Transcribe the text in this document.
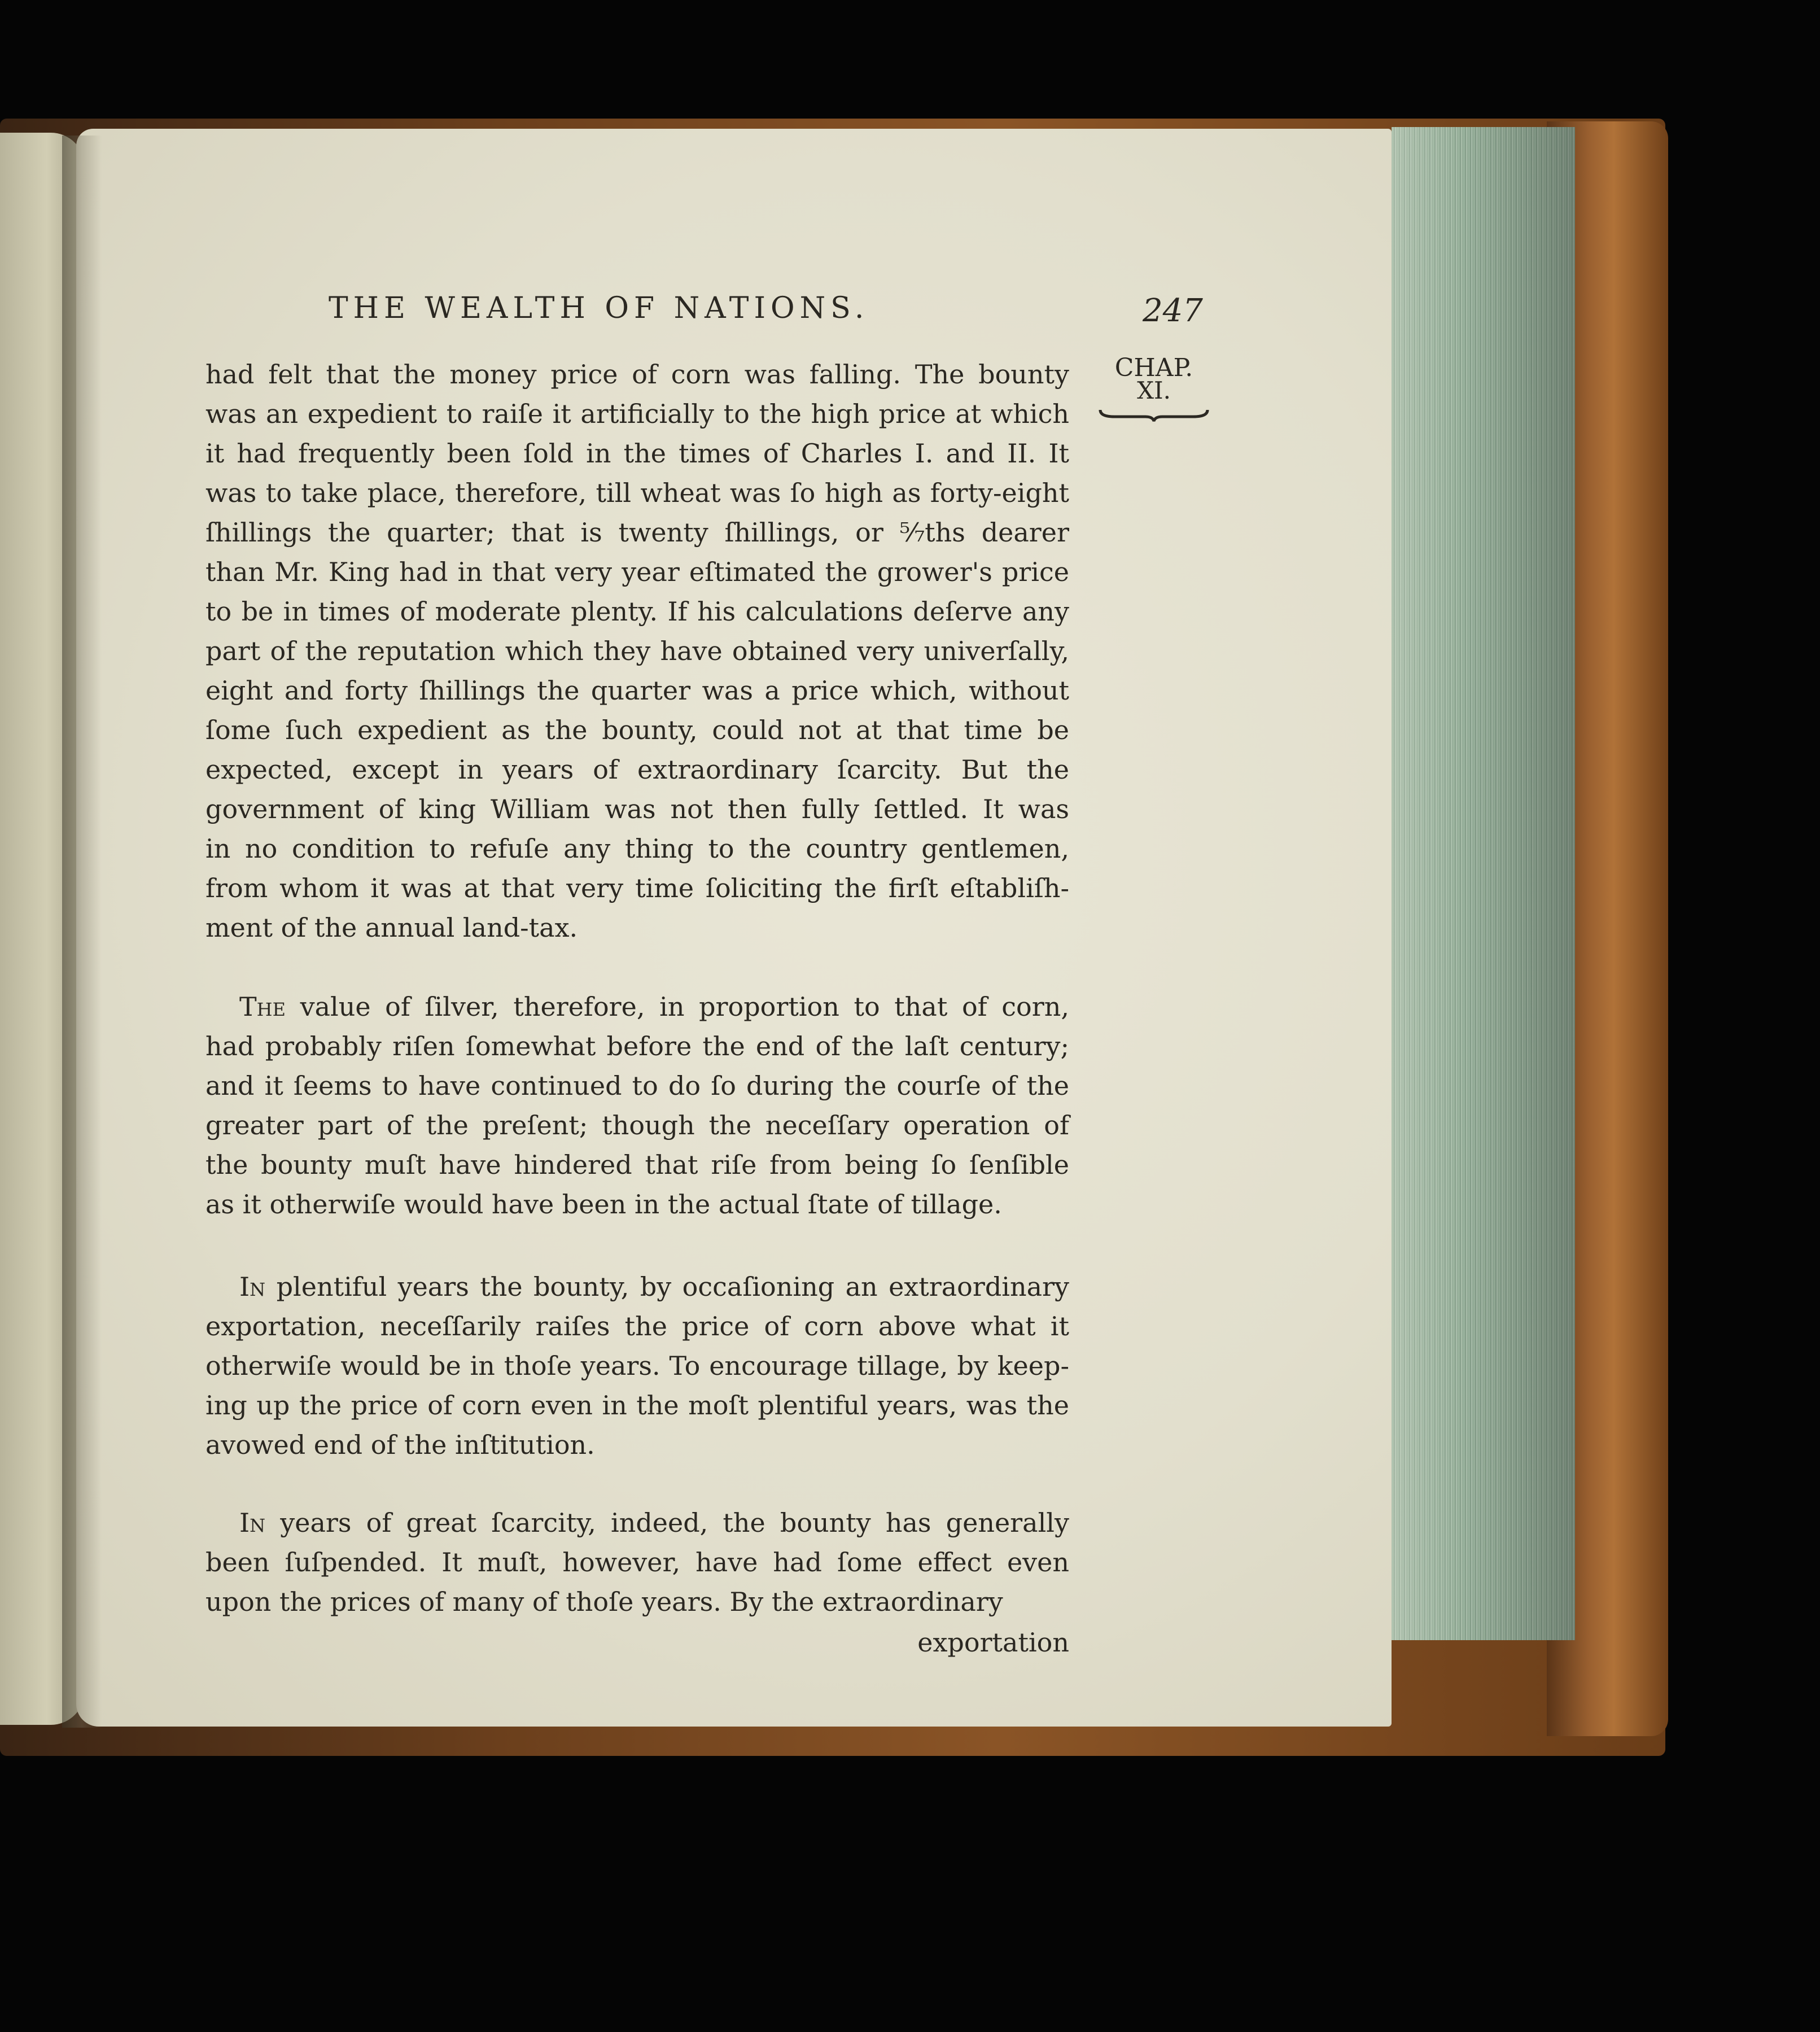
THE WEALTH OF NATIONS.	247
CHAP.
XI.
had felt that the money price of corn was falling. The bounty
was an expedient to raiſe it artificially to the high price at which
it had frequently been ſold in the times of Charles I. and II. It
was to take place, therefore, till wheat was ſo high as forty-eight
ſhillings the quarter; that is twenty ſhillings, or ⁵⁄₇ths dearer
than Mr. King had in that very year eſtimated the grower's price
to be in times of moderate plenty. If his calculations deſerve any
part of the reputation which they have obtained very univerſally,
eight and forty ſhillings the quarter was a price which, without
ſome ſuch expedient as the bounty, could not at that time be
expected, except in years of extraordinary ſcarcity. But the
government of king William was not then fully ſettled. It was
in no condition to refuſe any thing to the country gentlemen,
from whom it was at that very time ſoliciting the firſt eſtabliſh-
ment of the annual land-tax.
The value of ſilver, therefore, in proportion to that of corn,
had probably riſen ſomewhat before the end of the laſt century;
and it ſeems to have continued to do ſo during the courſe of the
greater part of the preſent; though the neceſſary operation of
the bounty muſt have hindered that riſe from being ſo ſenſible
as it otherwiſe would have been in the actual ſtate of tillage.
In plentiful years the bounty, by occaſioning an extraordinary
exportation, neceſſarily raiſes the price of corn above what it
otherwiſe would be in thoſe years. To encourage tillage, by keep-
ing up the price of corn even in the moſt plentiful years, was the
avowed end of the inſtitution.
In years of great ſcarcity, indeed, the bounty has generally
been ſuſpended. It muſt, however, have had ſome effect even
upon the prices of many of thoſe years. By the extraordinary
exportation
